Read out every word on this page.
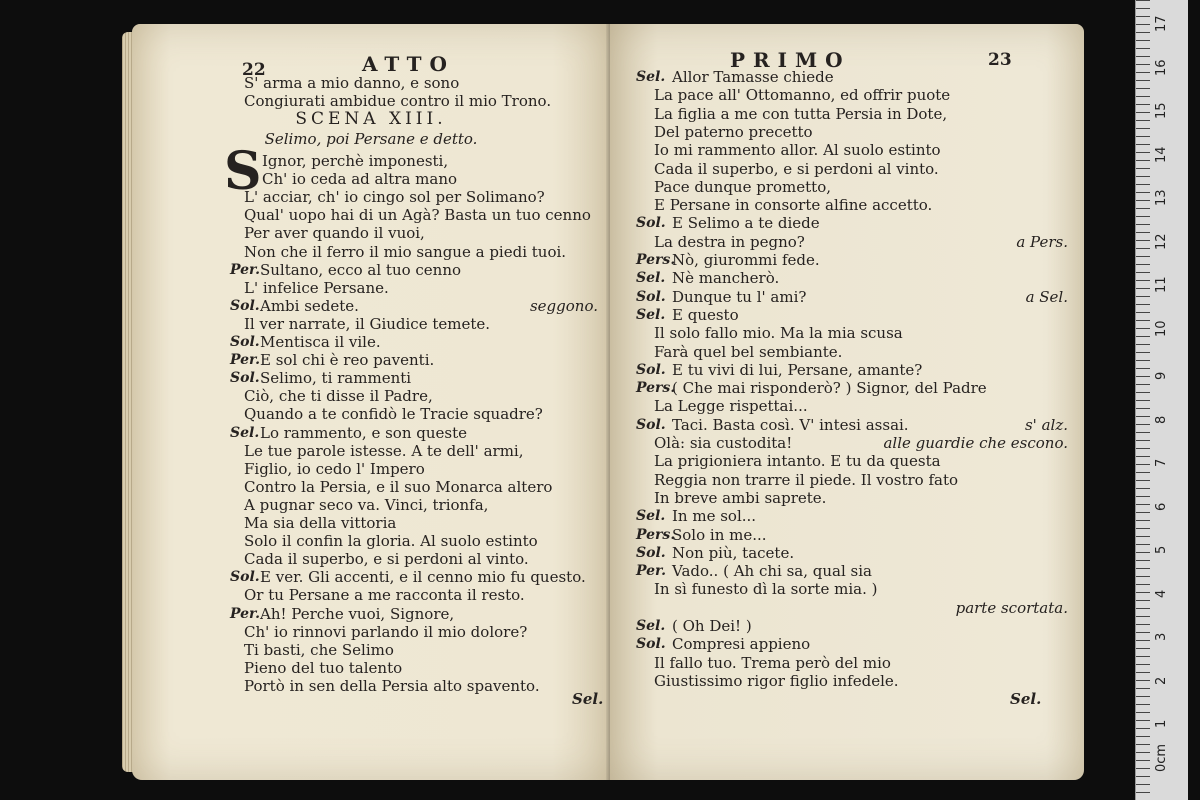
22	ATTO
S' arma a mio danno, e sono
Congiurati ambidue contro il mio Trono.
SCENA XIII.
Selimo, poi Persane e detto.
S Ignor, perchè imponesti,
Ch' io ceda ad altra mano
L' acciar, ch' io cingo sol per Solimano?
Qual' uopo hai di un Agà? Basta un tuo cenno
Per aver quando il vuoi,
Non che il ferro il mio sangue a piedi tuoi.
Per. Sultano, ecco al tuo cenno
L' infelice Persane.
Sol. Ambi sedete.	seggono.
Il ver narrate, il Giudice temete.
Sol. Mentisca il vile.
Per. E sol chi è reo paventi.
Sol. Selimo, ti rammenti
Ciò, che ti disse il Padre,
Quando a te confidò le Tracie squadre?
Sel. Lo rammento, e son queste
Le tue parole istesse. A te dell' armi,
Figlio, io cedo l' Impero
Contro la Persia, e il suo Monarca altero
A pugnar seco va. Vinci, trionfa,
Ma sia della vittoria
Solo il confin la gloria. Al suolo estinto
Cada il superbo, e si perdoni al vinto.
Sol. E ver. Gli accenti, e il cenno mio fu questo.
Or tu Persane a me racconta il resto.
Per. Ah! Perche vuoi, Signore,
Ch' io rinnovi parlando il mio dolore?
Ti basti, che Selimo
Pieno del tuo talento
Portò in sen della Persia alto spavento.
Sel.
PRIMO	23
Sel. Allor Tamasse chiede
La pace all' Ottomanno, ed offrir puote
La figlia a me con tutta Persia in Dote,
Del paterno precetto
Io mi rammento allor. Al suolo estinto
Cada il superbo, e si perdoni al vinto.
Pace dunque prometto,
E Persane in consorte alfine accetto.
Sol. E Selimo a te diede
La destra in pegno?	a Pers.
Pers.
Nò, giurommi fede.
Sel. Nè mancherò.
Sol. Dunque tu l' ami?	a Sel.
Sel. E questo
Il solo fallo mio. Ma la mia scusa
Farà quel bel sembiante.
Sol. E tu vivi di lui, Persane, amante?
Pers.
( Che mai risponderò? ) Signor, del Padre
La Legge rispettai...
Sol. Taci. Basta così. V' intesi assai.	s' alz.
Olà: sia custodita!	alle guardie che escono.
La prigioniera intanto. E tu da questa
Reggia non trarre il piede. Il vostro fato
In breve ambi saprete.
Sel. In me sol...
Pers.
Solo in me...
Sol. Non più, tacete.
Per. Vado.. ( Ah chi sa, qual sia
In sì funesto dì la sorte mia. )
parte scortata.
Sel. ( Oh Dei! )
Sol. Compresi appieno
Il fallo tuo. Trema però del mio
Giustissimo rigor figlio infedele.
Sel.
17
16
15
14
13
12
11
10
9
8
7
6
5
4
3
2
1
0cm
